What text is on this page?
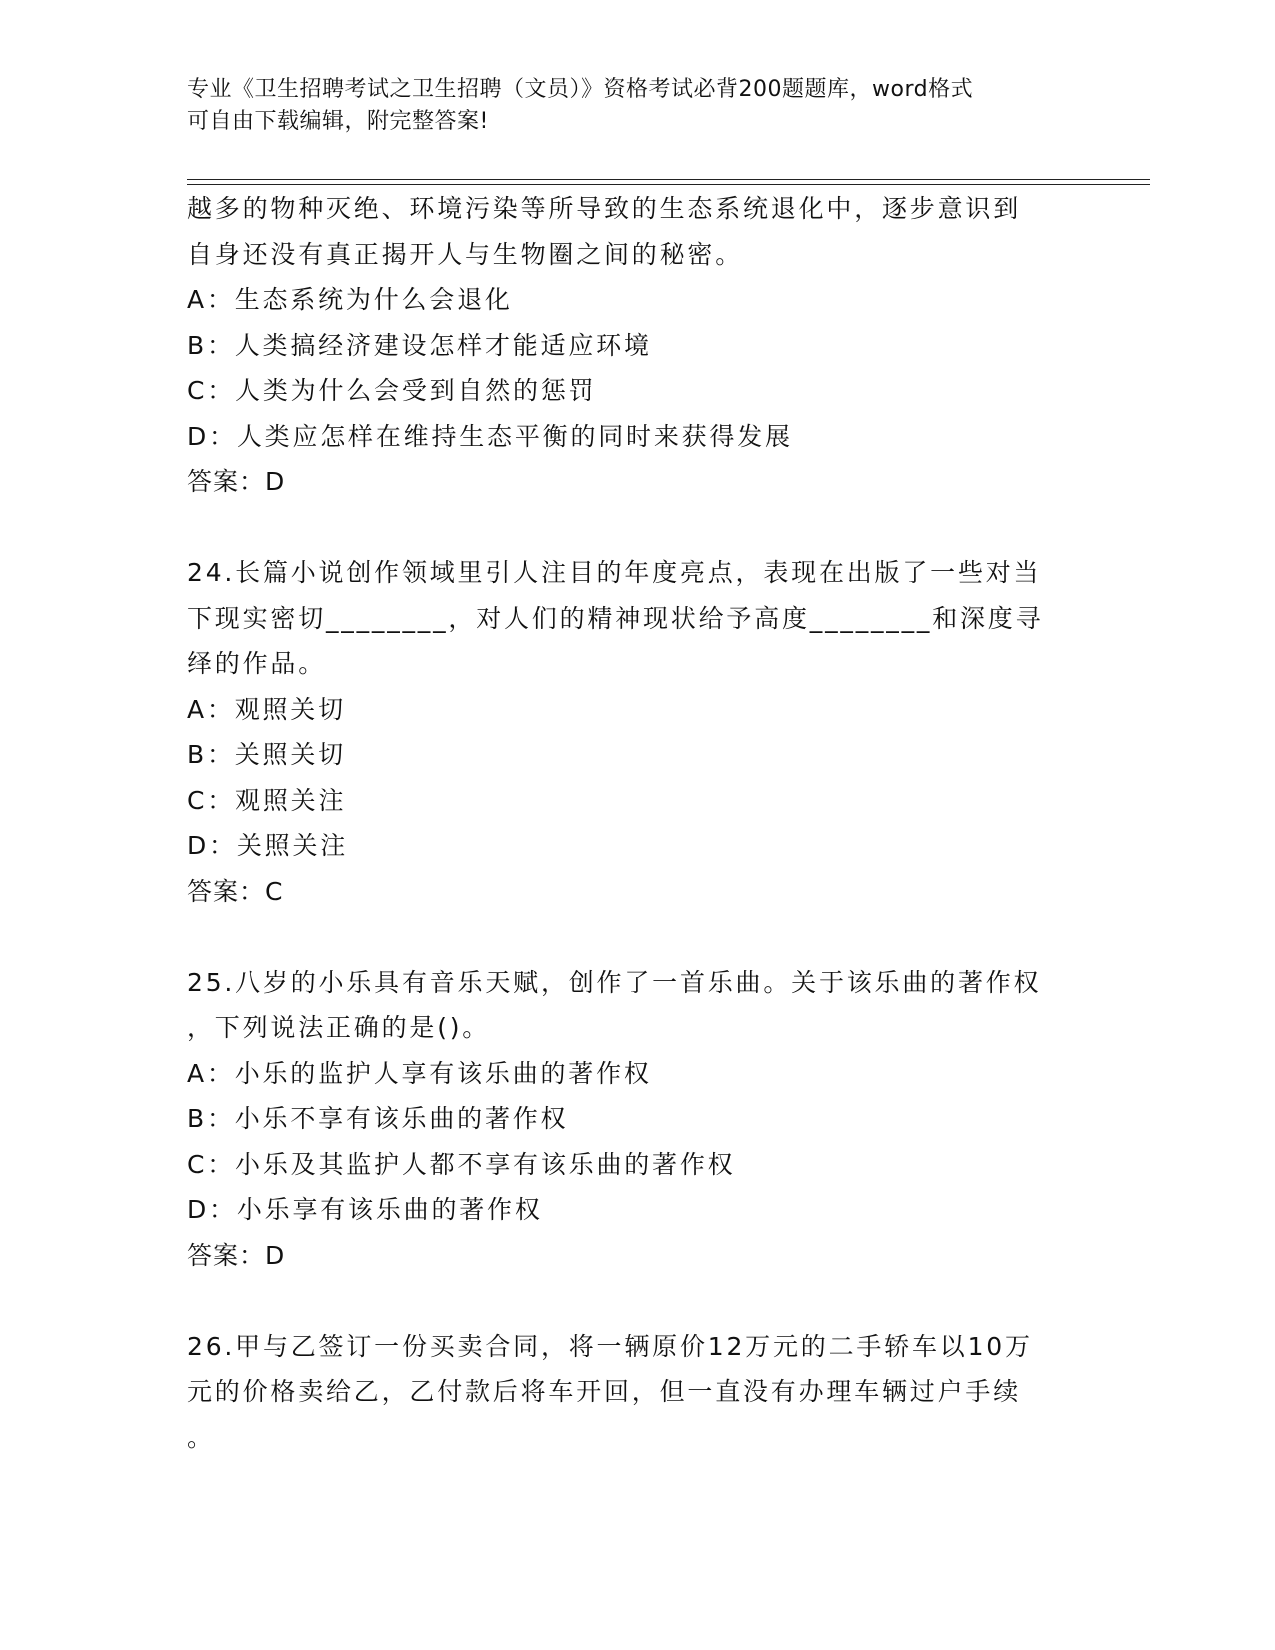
专业《卫生招聘考试之卫生招聘（文员）》资格考试必背200题题库，word格式
可自由下载编辑，附完整答案!
越多的物种灭绝、环境污染等所导致的生态系统退化中，逐步意识到
自身还没有真正揭开人与生物圈之间的秘密。
A：生态系统为什么会退化
B：人类搞经济建设怎样才能适应环境
C：人类为什么会受到自然的惩罚
D：人类应怎样在维持生态平衡的同时来获得发展
答案：D
24.长篇小说创作领域里引人注目的年度亮点，表现在出版了一些对当
下现实密切________，对人们的精神现状给予高度________和深度寻
绎的作品。
A：观照关切
B：关照关切
C：观照关注
D：关照关注
答案：C
25.八岁的小乐具有音乐天赋，创作了一首乐曲。关于该乐曲的著作权
，下列说法正确的是()。
A：小乐的监护人享有该乐曲的著作权
B：小乐不享有该乐曲的著作权
C：小乐及其监护人都不享有该乐曲的著作权
D：小乐享有该乐曲的著作权
答案：D
26.甲与乙签订一份买卖合同，将一辆原价12万元的二手轿车以10万
元的价格卖给乙，乙付款后将车开回，但一直没有办理车辆过户手续
。
